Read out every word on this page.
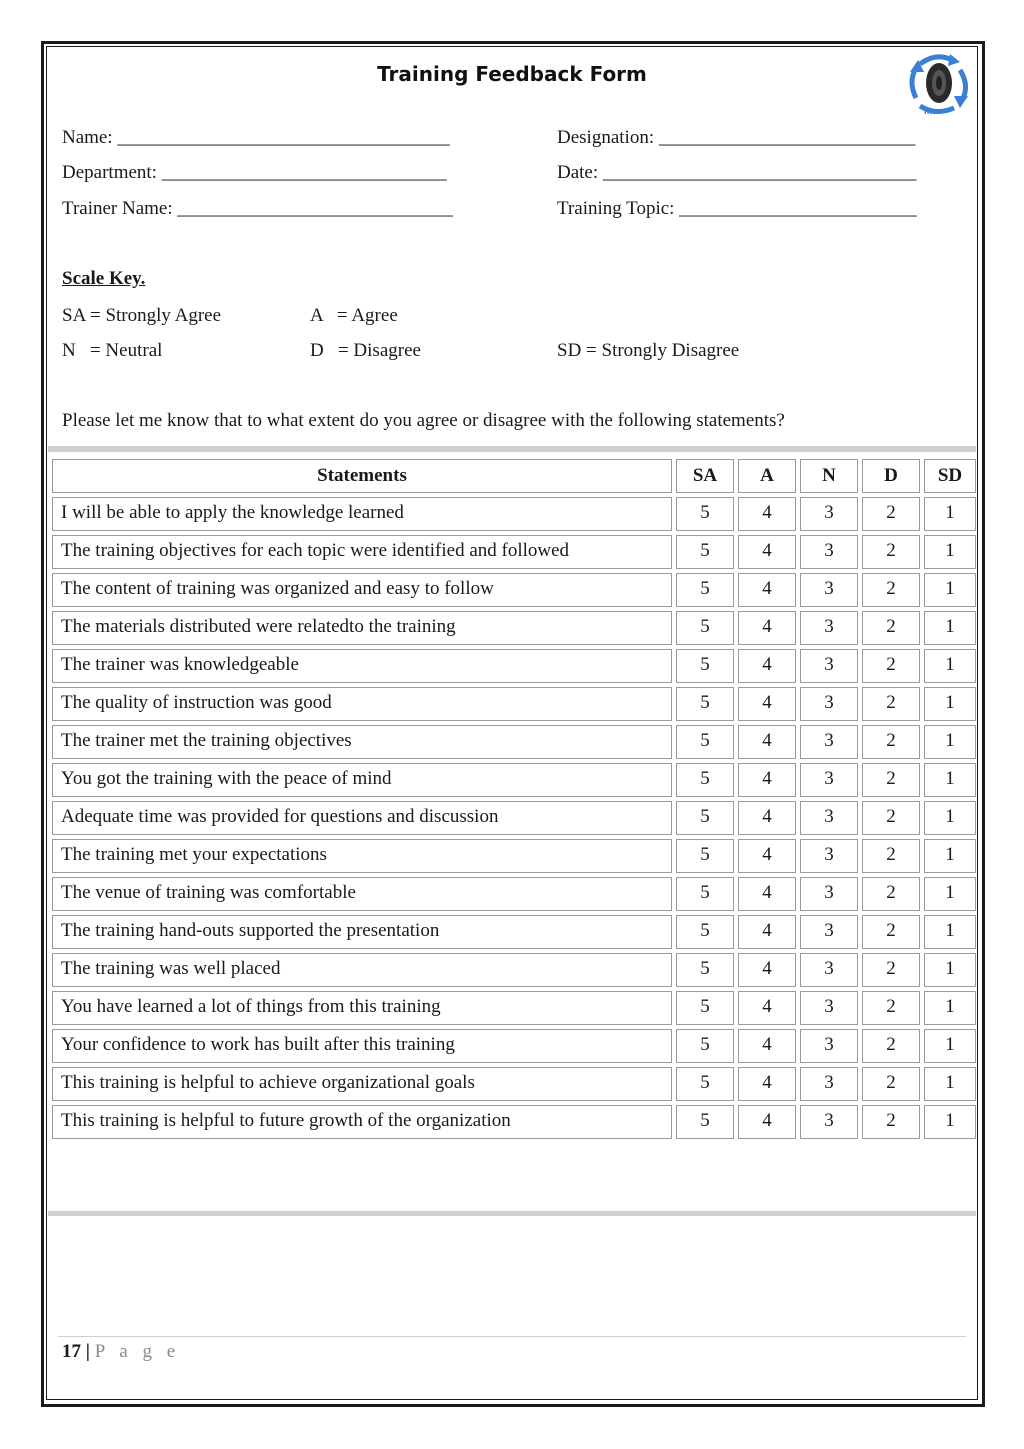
Training Feedback Form
R.D.
Name: ___________________________________	Designation: ___________________________
Department: ______________________________	Date: _________________________________
Trainer Name: _____________________________	Training Topic: _________________________
Scale Key.
SA = Strongly Agree	A   = Agree
N   = Neutral	D   = Disagree	SD = Strongly Disagree
Please let me know that to what extent do you agree or disagree with the following statements?
Statements	SA	A	N	D	SD
I will be able to apply the knowledge learned	5	4	3	2	1
The training objectives for each topic were identified and followed	5	4	3	2	1
The content of training was organized and easy to follow	5	4	3	2	1
The materials distributed were relatedto the training	5	4	3	2	1
The trainer was knowledgeable	5	4	3	2	1
The quality of instruction was good	5	4	3	2	1
The trainer met the training objectives	5	4	3	2	1
You got the training with the peace of mind	5	4	3	2	1
Adequate time was provided for questions and discussion	5	4	3	2	1
The training met your expectations	5	4	3	2	1
The venue of training was comfortable	5	4	3	2	1
The training hand-outs supported the presentation	5	4	3	2	1
The training was well placed	5	4	3	2	1
You have learned a lot of things from this training	5	4	3	2	1
Your confidence to work has built after this training	5	4	3	2	1
This training is helpful to achieve organizational goals	5	4	3	2	1
This training is helpful to future growth of the organization	5	4	3	2	1
17 | P a g e
